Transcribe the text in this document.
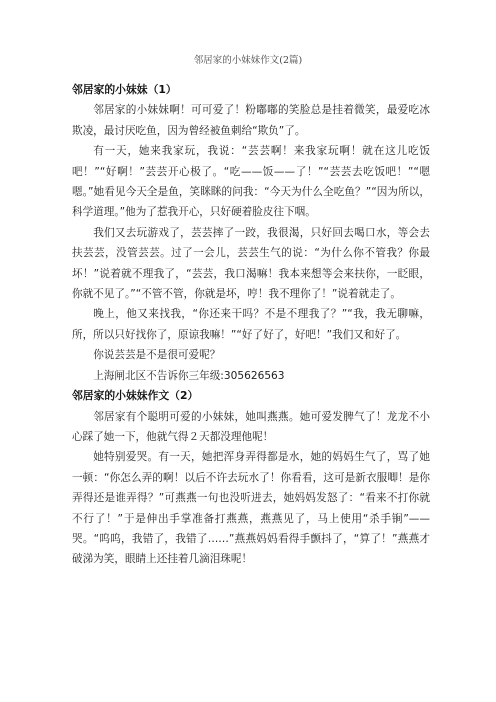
邻居家的小妹妹作文(2篇)

邻居家的小妹妹（1）

邻居家的小妹妹啊！可可爱了！粉嘟嘟的笑脸总是挂着微笑，最爱吃冰欺凌，最讨厌吃鱼，因为曾经被鱼刺给“欺负”了。

有一天，她来我家玩，我说：“芸芸啊！来我家玩啊！就在这儿吃饭吧！”“好啊！”芸芸开心极了。“吃——饭——了！”“芸芸去吃饭吧！”“嗯嗯。”她看见今天全是鱼，笑眯眯的问我：“今天为什么全吃鱼？”“因为所以，科学道理。”他为了惹我开心，只好硬着脸皮往下咽。

我们又去玩游戏了，芸芸摔了一跤，我很渴，只好回去喝口水，等会去扶芸芸，没管芸芸。过了一会儿，芸芸生气的说：“为什么你不管我？你最坏！”说着就不理我了，“芸芸，我口渴嘛！我本来想等会来扶你，一眨眼，你就不见了。”“不管不管，你就是坏，哼！我不理你了！”说着就走了。

晚上，他又来找我，“你还来干吗？不是不理我了？”“我，我无聊嘛，所，所以只好找你了，原谅我嘛！”“好了好了，好吧！”我们又和好了。

你说芸芸是不是很可爱呢？

上海闸北区不告诉你三年级:305626563

邻居家的小妹妹作文（2）

邻居家有个聪明可爱的小妹妹，她叫燕燕。她可爱发脾气了！龙龙不小心踩了她一下，他就气得２天都没理他呢！

她特别爱哭。有一天，她把浑身弄得都是水，她的妈妈生气了，骂了她一顿：“你怎么弄的啊！以后不许去玩水了！你看看，这可是新衣服唧！是你弄得还是谁弄得？”可燕燕一句也没听进去，她妈妈发怒了：“看来不打你就不行了！”于是伸出手掌准备打燕燕，燕燕见了，马上使用“杀手锏”——哭。“呜呜，我错了，我错了……”燕燕妈妈看得手颤抖了，“算了！”燕燕才破涕为笑，眼睛上还挂着几滴泪珠呢！
